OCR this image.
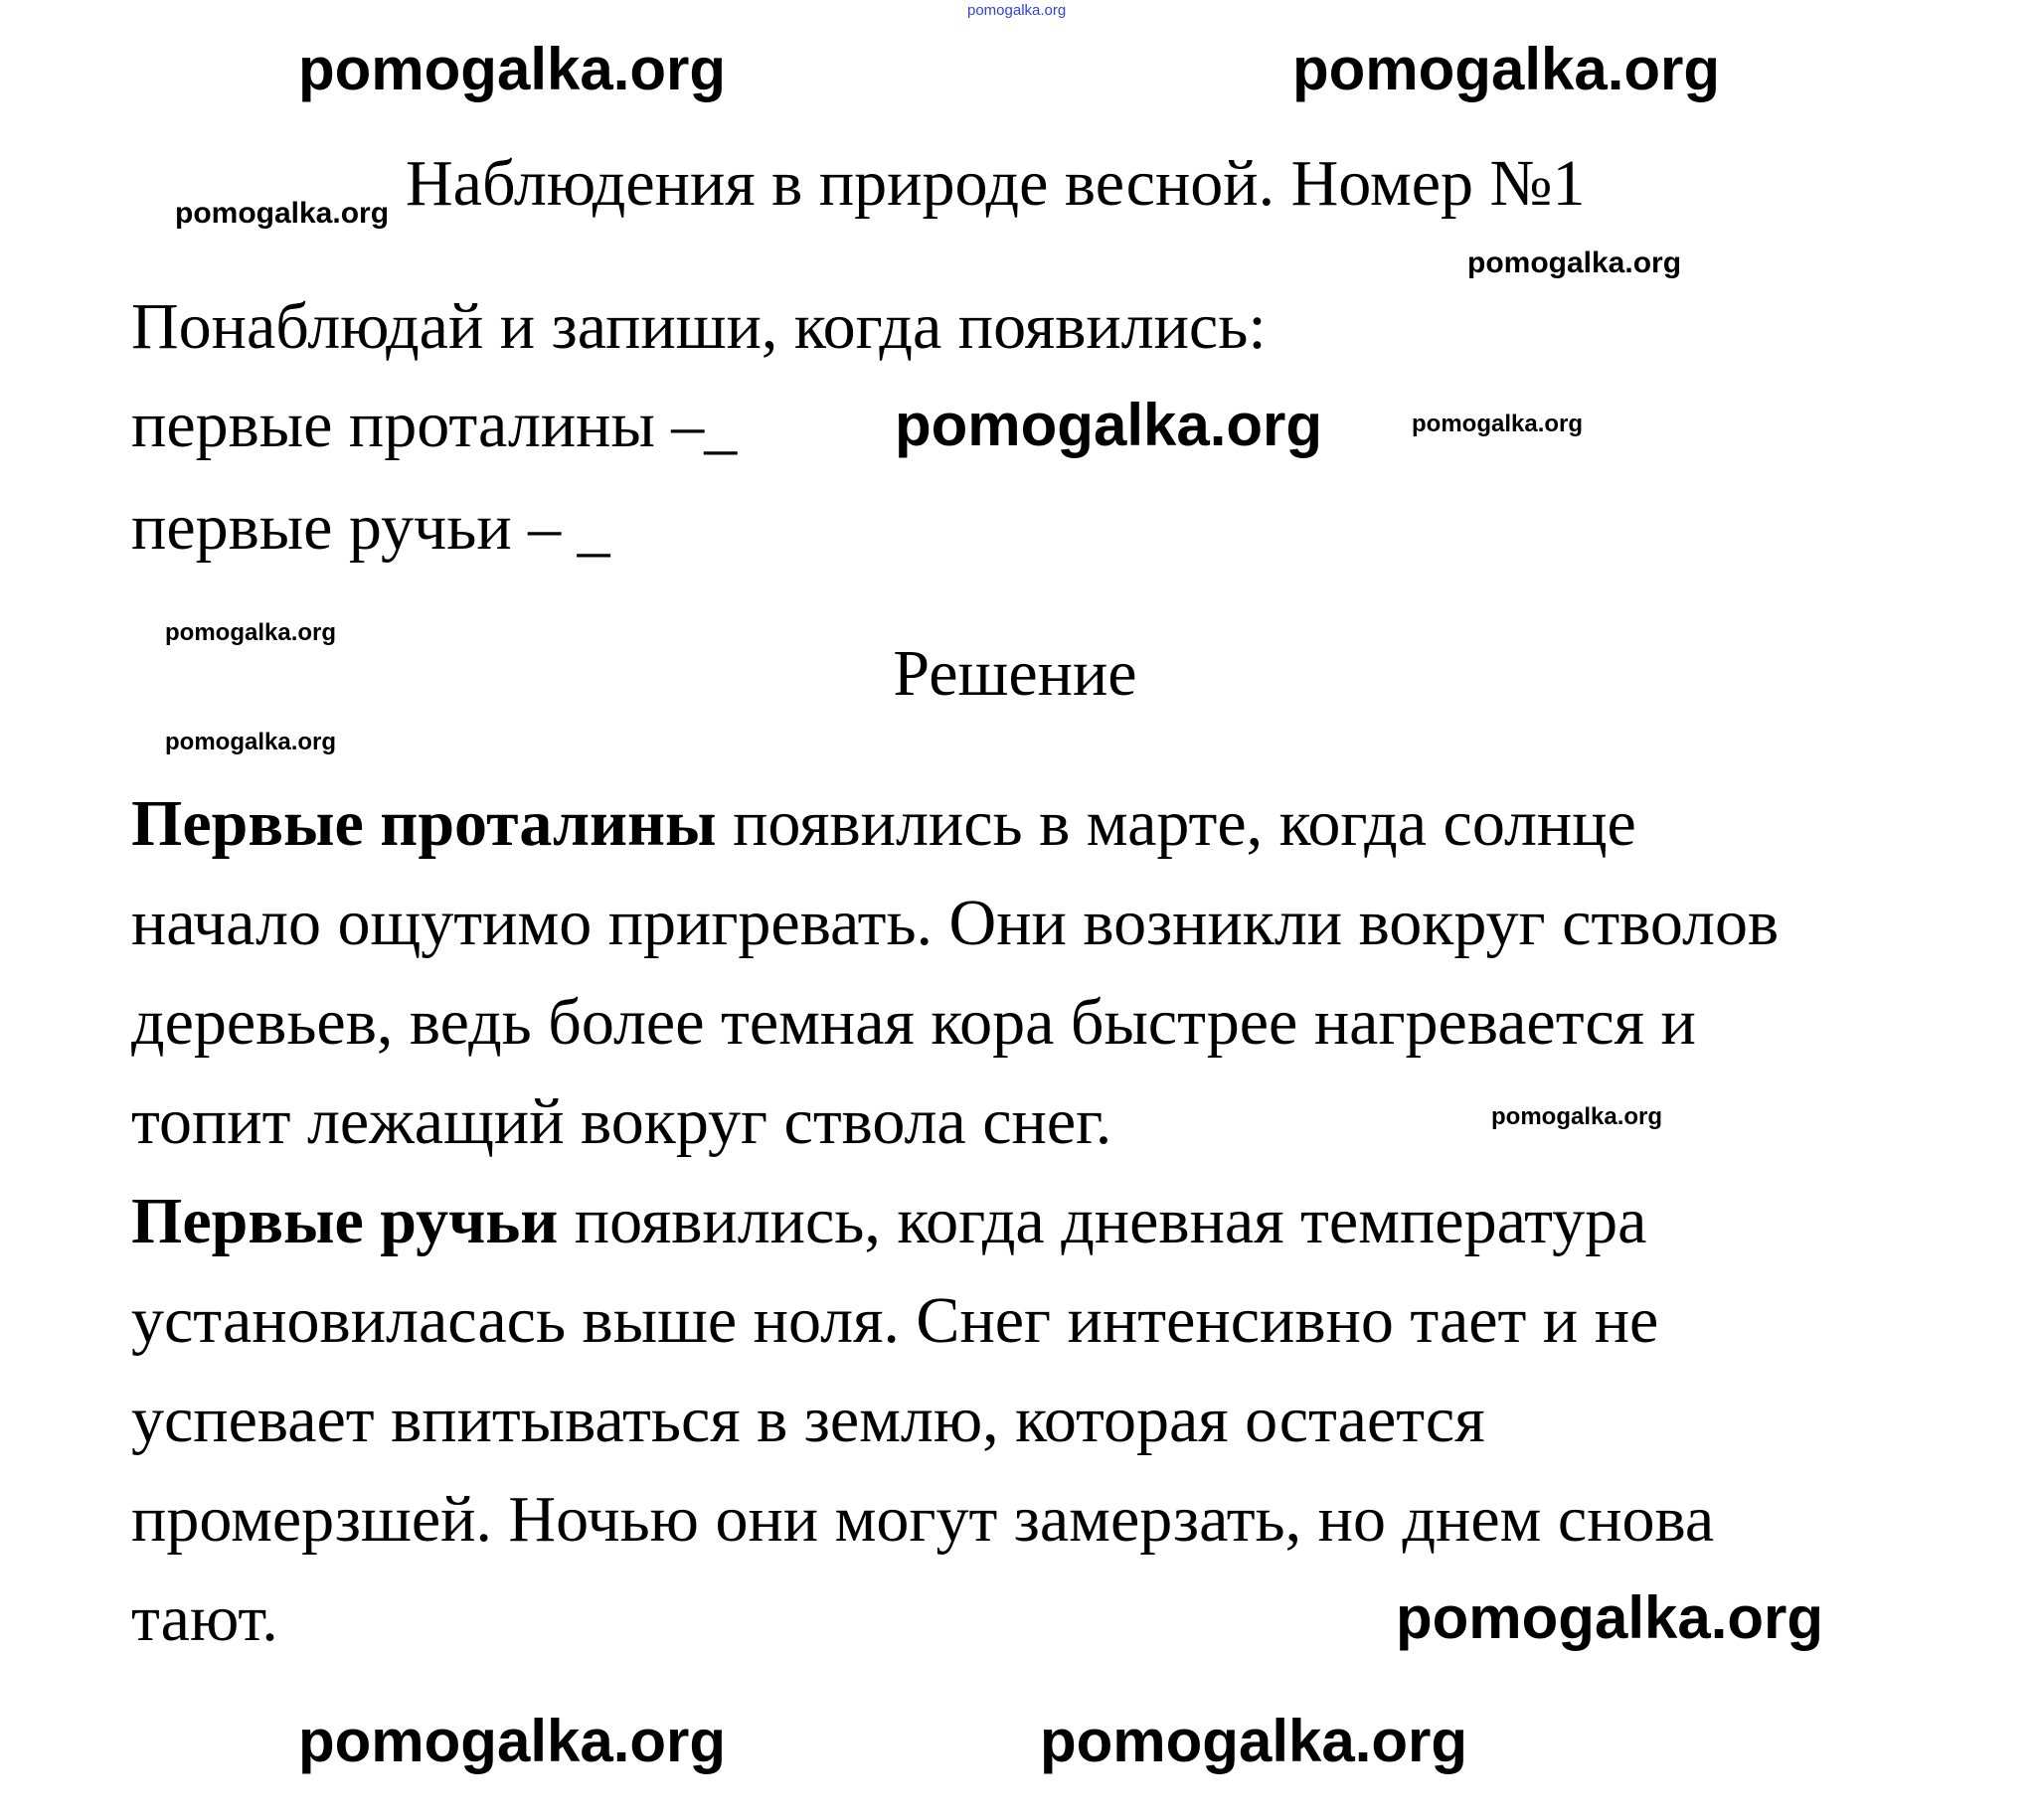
pomogalka.org
pomogalka.org	pomogalka.org
Наблюдения в природе весной. Номер №1
pomogalka.org
pomogalka.org
Понаблюдай и запиши, когда появились:
первые проталины –_
первые ручьи – _
pomogalka.org	pomogalka.org
pomogalka.org
Решение
pomogalka.org
Первые проталины появились в марте, когда солнце
начало ощутимо пригревать. Они возникли вокруг стволов
деревьев, ведь более темная кора быстрее нагревается и
топит лежащий вокруг ствола снег.
Первые ручьи появились, когда дневная температура
установиласась выше ноля. Снег интенсивно тает и не
успевает впитываться в землю, которая остается
промерзшей. Ночью они могут замерзать, но днем снова
тают.
pomogalka.org
pomogalka.org
pomogalka.org	pomogalka.org
